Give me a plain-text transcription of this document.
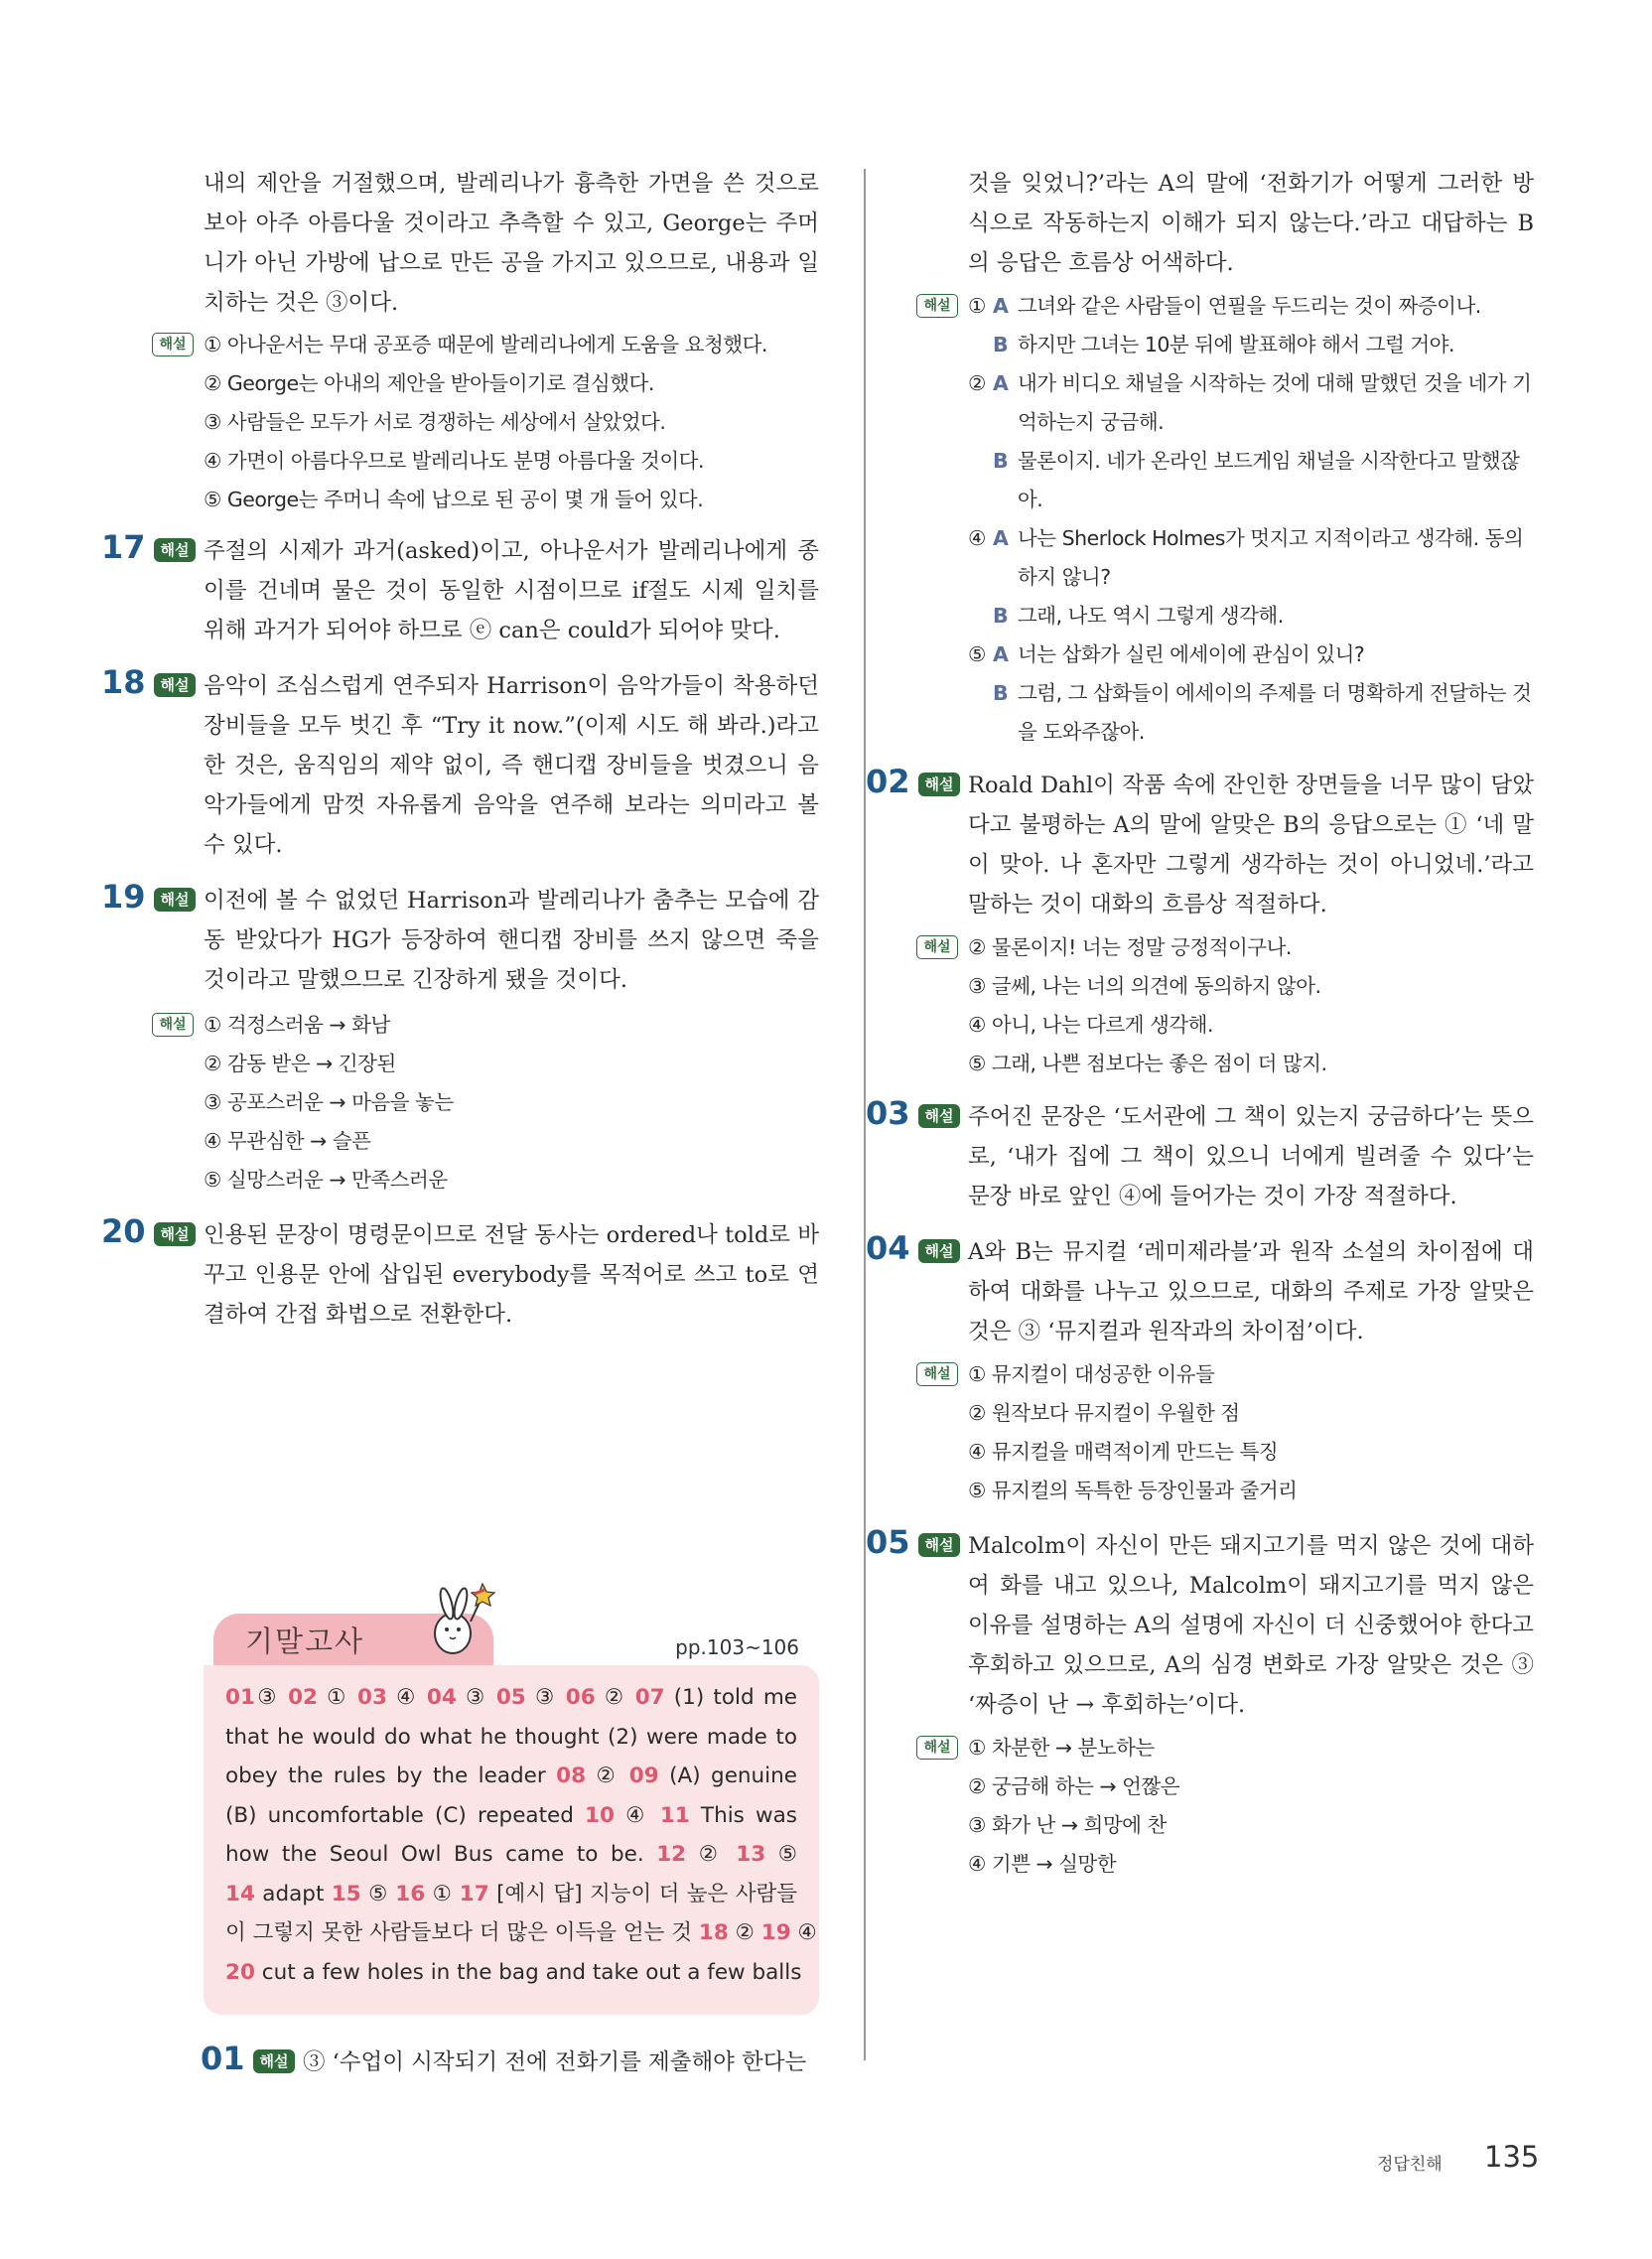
내의 제안을 거절했으며, 발레리나가 흉측한 가면을 쓴 것으로 보아 아주 아름다울 것이라고 추측할 수 있고, George는 주머니가 아닌 가방에 납으로 만든 공을 가지고 있으므로, 내용과 일치하는 것은 ③이다.

해설 ① 아나운서는 무대 공포증 때문에 발레리나에게 도움을 요청했다.
② George는 아내의 제안을 받아들이기로 결심했다.
③ 사람들은 모두가 서로 경쟁하는 세상에서 살았었다.
④ 가면이 아름다우므로 발레리나도 분명 아름다울 것이다.
⑤ George는 주머니 속에 납으로 된 공이 몇 개 들어 있다.
17 해설 주절의 시제가 과거(asked)이고, 아나운서가 발레리나에게 종이를 건네며 물은 것이 동일한 시점이므로 if절도 시제 일치를 위해 과거가 되어야 하므로 ⓔ can은 could가 되어야 맞다.

18 해설 음악이 조심스럽게 연주되자 Harrison이 음악가들이 착용하던 장비들을 모두 벗긴 후 “Try it now.”(이제 시도 해 봐라.)라고 한 것은, 움직임의 제약 없이, 즉 핸디캡 장비들을 벗겼으니 음악가들에게 맘껏 자유롭게 음악을 연주해 보라는 의미라고 볼 수 있다.

19 해설 이전에 볼 수 없었던 Harrison과 발레리나가 춤추는 모습에 감동 받았다가 HG가 등장하여 핸디캡 장비를 쓰지 않으면 죽을 것이라고 말했으므로 긴장하게 됐을 것이다.

해설 ① 걱정스러움 → 화남
② 감동 받은 → 긴장된
③ 공포스러운 → 마음을 놓는
④ 무관심한 → 슬픈
⑤ 실망스러운 → 만족스러운
20 해설 인용된 문장이 명령문이므로 전달 동사는 ordered나 told로 바꾸고 인용문 안에 삽입된 everybody를 목적어로 쓰고 to로 연결하여 간접 화법으로 전환한다.

기말고사	pp.103~106
01③ 02 ① 03 ④ 04 ③ 05 ③ 06 ② 07 (1) told me
that he would do what he thought (2) were made to
obey the rules by the leader 08 ② 09 (A) genuine
(B) uncomfortable (C) repeated 10 ④ 11 This was
how the Seoul Owl Bus came to be. 12 ② 13 ⑤
14 adapt 15 ⑤ 16 ① 17 [예시 답] 지능이 더 높은 사람들
이 그렇지 못한 사람들보다 더 많은 이득을 얻는 것 18 ② 19 ④
20 cut a few holes in the bag and take out a few balls
01 해설 ③ ‘수업이 시작되기 전에 전화기를 제출해야 한다는

것을 잊었니?’라는 A의 말에 ‘전화기가 어떻게 그러한 방식으로 작동하는지 이해가 되지 않는다.’라고 대답하는 B의 응답은 흐름상 어색하다.

해설 ① A 그녀와 같은 사람들이 연필을 두드리는 것이 짜증이나.
B 하지만 그녀는 10분 뒤에 발표해야 해서 그럴 거야.
② A 내가 비디오 채널을 시작하는 것에 대해 말했던 것을 네가 기억하는지 궁금해.
B 물론이지. 네가 온라인 보드게임 채널을 시작한다고 말했잖아.
④ A 나는 Sherlock Holmes가 멋지고 지적이라고 생각해. 동의하지 않니?
B 그래, 나도 역시 그렇게 생각해.
⑤ A 너는 삽화가 실린 에세이에 관심이 있니?
B 그럼, 그 삽화들이 에세이의 주제를 더 명확하게 전달하는 것을 도와주잖아.
02 해설 Roald Dahl이 작품 속에 잔인한 장면들을 너무 많이 담았다고 불평하는 A의 말에 알맞은 B의 응답으로는 ① ‘네 말이 맞아. 나 혼자만 그렇게 생각하는 것이 아니었네.’라고 말하는 것이 대화의 흐름상 적절하다.

해설 ② 물론이지! 너는 정말 긍정적이구나.
③ 글쎄, 나는 너의 의견에 동의하지 않아.
④ 아니, 나는 다르게 생각해.
⑤ 그래, 나쁜 점보다는 좋은 점이 더 많지.
03 해설 주어진 문장은 ‘도서관에 그 책이 있는지 궁금하다’는 뜻으로, ‘내가 집에 그 책이 있으니 너에게 빌려줄 수 있다’는 문장 바로 앞인 ④에 들어가는 것이 가장 적절하다.

04 해설 A와 B는 뮤지컬 ‘레미제라블’과 원작 소설의 차이점에 대하여 대화를 나누고 있으므로, 대화의 주제로 가장 알맞은 것은 ③ ‘뮤지컬과 원작과의 차이점’이다.

해설 ① 뮤지컬이 대성공한 이유들
② 원작보다 뮤지컬이 우월한 점
④ 뮤지컬을 매력적이게 만드는 특징
⑤ 뮤지컬의 독특한 등장인물과 줄거리
05 해설 Malcolm이 자신이 만든 돼지고기를 먹지 않은 것에 대하여 화를 내고 있으나, Malcolm이 돼지고기를 먹지 않은 이유를 설명하는 A의 설명에 자신이 더 신중했어야 한다고 후회하고 있으므로, A의 심경 변화로 가장 알맞은 것은 ③ ‘짜증이 난 → 후회하는’이다.

해설 ① 차분한 → 분노하는
② 궁금해 하는 → 언짢은
③ 화가 난 → 희망에 찬
④ 기쁜 → 실망한
정답친해 135
